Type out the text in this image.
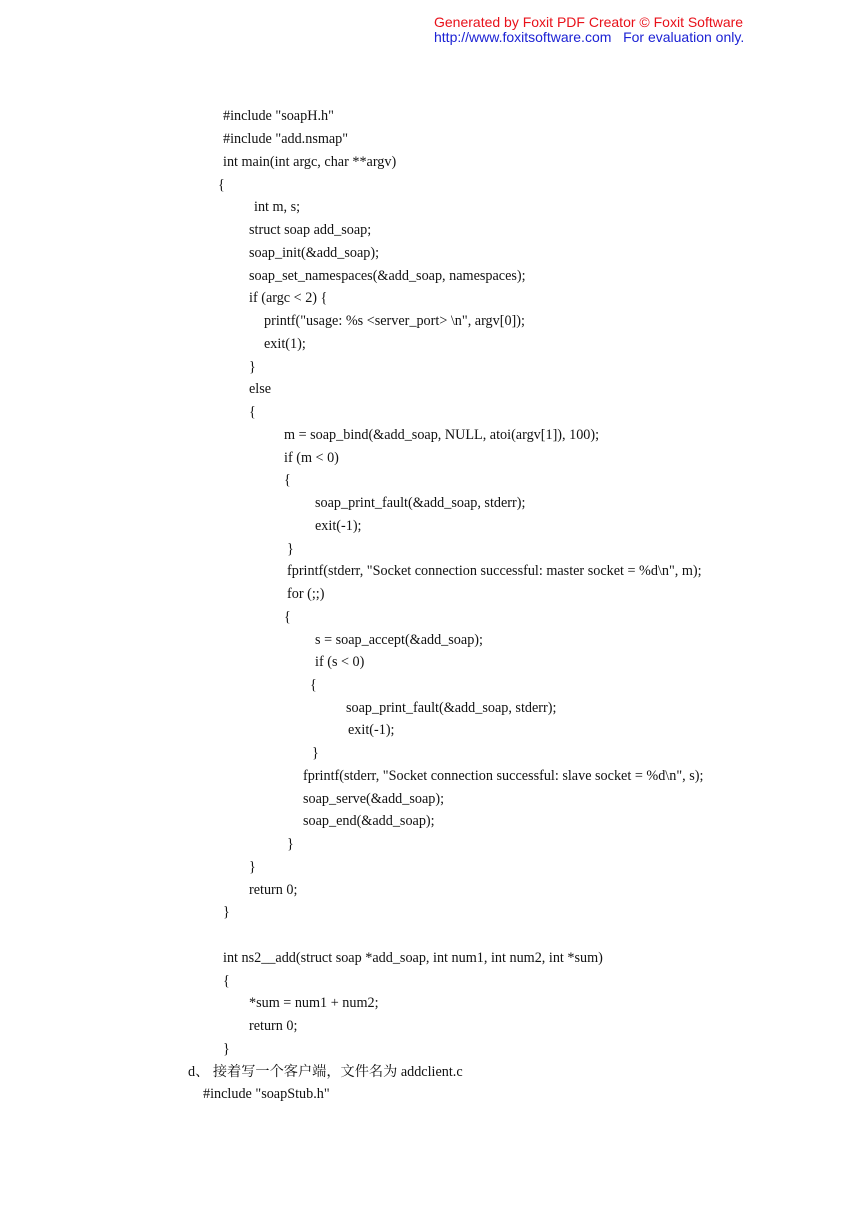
Generated by Foxit PDF Creator © Foxit Software
http://www.foxitsoftware.com For evaluation only.
#include "soapH.h"
#include "add.nsmap"
int main(int argc, char **argv)
{
int m, s;
struct soap add_soap;
soap_init(&add_soap);
soap_set_namespaces(&add_soap, namespaces);
if (argc < 2) {
printf("usage: %s <server_port> \n", argv[0]);
exit(1);
}
else
{
m = soap_bind(&add_soap, NULL, atoi(argv[1]), 100);
if (m < 0)
{
soap_print_fault(&add_soap, stderr);
exit(-1);
}
fprintf(stderr, "Socket connection successful: master socket = %d\n", m);
for (;;)
{
s = soap_accept(&add_soap);
if (s < 0)
{
soap_print_fault(&add_soap, stderr);
exit(-1);
}
fprintf(stderr, "Socket connection successful: slave socket = %d\n", s);
soap_serve(&add_soap);
soap_end(&add_soap);
}
}
return 0;
}
int ns2__add(struct soap *add_soap, int num1, int num2, int *sum)
{
*sum = num1 + num2;
return 0;
}
d、 接着写一个客户端，文件名为 addclient.c
#include "soapStub.h"
